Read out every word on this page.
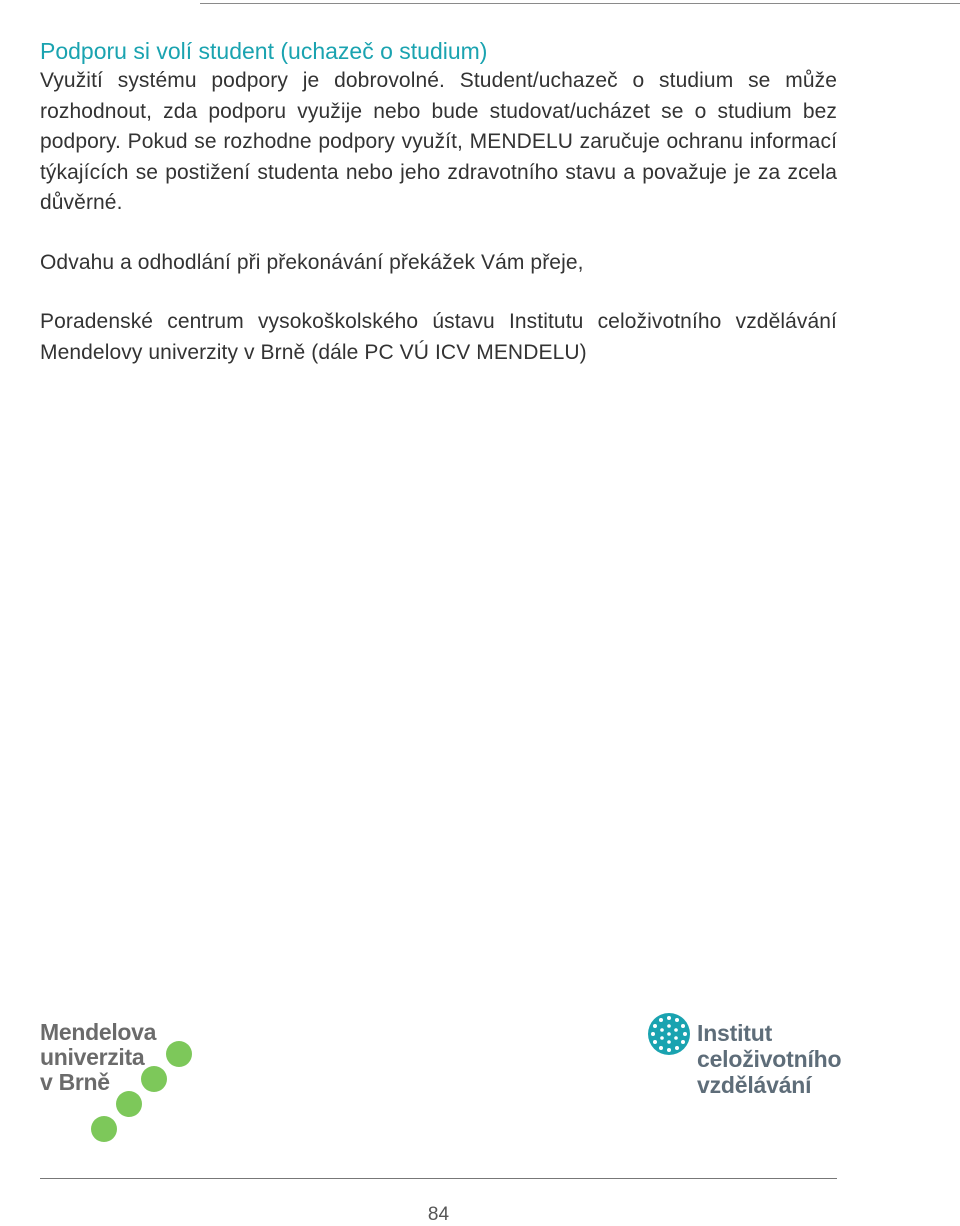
Podporu si volí student (uchazeč o studium)

Využití systému podpory je dobrovolné. Student/uchazeč o studium se může rozhodnout, zda podporu využije nebo bude studovat/ucházet se o studium bez podpory. Pokud se rozhodne podpory využít, MENDELU zaručuje ochranu informací týkajících se postižení studenta nebo jeho zdravotního stavu a považuje je za zcela důvěrné.

Odvahu a odhodlání při překonávání překážek Vám přeje,

Poradenské centrum vysokoškolského ústavu Institutu celoživotního vzdělávání Mendelovy univerzity v Brně (dále PC VÚ ICV MENDELU)

Mendelova
univerzita
v Brně
Institut
celoživotního
vzdělávání
84
